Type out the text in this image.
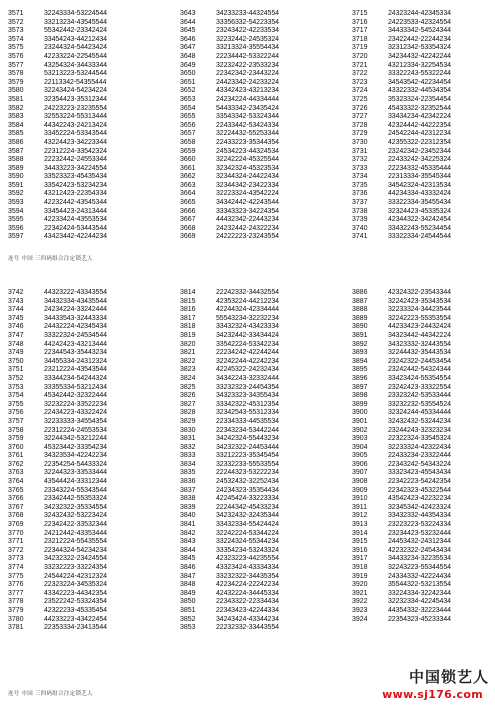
3571	32243334-53224544
3572	33213234-43545544
3573	55342442-23342424
3574	33454243-44212434
3575	23244324-54423424
3576	42233224-22545544
3577	43254324-34433344
3578	53213223-53244544
3579	22113342-54355444
3580	32243424-54234224
3581	32354423-35312344
3582	24223223-23235554
3583	32553224-55313444
3584	44342243-24213424
3585	33452224-53343544
3586	43224423-34223344
3587	22312224-33542324
3588	22232442-24553344
3589	34433223-34224554
3590	33523323-45435434
3591	33542423-53234234
3592	43212423-22354334
3593	42232442-43545344
3594	33454423-24313444
3595	42233424-43553534
3596	22342424-53443544
3597	43423442-42244234
3643	34233233-44324554
3644	33356332-54223354
3645	23243422-42233534
3646	32232442-24535324
3647	33213324-35554434
3648	22234442-53322244
3649	32232422-23533234
3650	22342342-23443224
3651	24423342-24233224
3652	43342423-43213234
3653	24234224-44334444
3654	54433342-23435424
3655	33543342-53324344
3656	22433442-53424334
3657	32224432-55253344
3658	22433223-35344354
3659	24534223-44324534
3660	32242224-45325544
3661	32342324-45323534
3662	32344324-24422434
3663	32344342-23422334
3664	32223324-43542224
3665	34342442-42243544
3666	33343323-34224354
3667	44432342-22443234
3668	24232442-24322234
3669	24222223-23243554
3715	24323244-42345334
3716	24223533-42324554
3717	34433342-54524344
3718	23422442-22244234
3719	32312342-53354324
3720	34234432-42242244
3721	43212334-32254534
3722	33322243-55322244
3723	34543542-42234454
3724	43322332-44534354
3725	35323324-22354454
3726	45433322-32352544
3727	33434234-42342224
3728	42324442-44222354
3729	24542244-42312234
3730	42355322-22312354
3731	23242342-23452344
3732	22433242-34225324
3733	22234332-45335444
3734	22313334-35545344
3735	34542324-42313534
3736	44234334-43332424
3737	33322334-35455434
3738	32324423-45335324
3739	42344322-34242454
3740	33432243-55234454
3741	33322334-24544544
连号 中国 三四码组合注定锁艺人
3742	44323222-43343554
3743	34432334-43435544
3744	24234224-33242444
3745	34433543-32443334
3746	24432224-42345434
3747	33322324-24534544
3748	44242423-43213444
3749	22344543-35443234
3750	34455334-24312324
3751	23212224-43543544
3752	33344234-54244324
3753	33355334-53212434
3754	45342442-32322444
3755	32232224-33522234
3756	22434223-43322424
3757	32233333-34554354
3758	22312224-24553534
3759	32244342-53212244
3760	45323442-33354234
3761	34323534-42242234
3762	22354254-54433324
3763	32244323-33533444
3764	43544424-33312344
3765	23343224-55343544
3766	23342442-55353324
3767	34232322-35334554
3768	32432432-53223424
3769	22342422-33532344
3770	24212442-43353444
3771	23212224-55435554
3772	22344324-54234234
3773	34232322-23424554
3774	33232223-33224354
3775	24544224-42312324
3776	22323224-34535324
3777	43342223-44342354
3778	23522242-53324354
3779	42322233-45335454
3780	44233223-43422454
3781	22353334-23413544
3814	22242332-34432554
3815	42353224-44212234
3816	42244324-42334444
3817	55543234-32232234
3818	33432324-43423334
3819	34232442-33434424
3820	33542224-53342234
3821	22234242-42244244
3822	32242244-42242234
3823	42245322-24232434
3824	34342243-32332444
3825	33232323-24454354
3826	34323323-34355434
3827	33342322-45312354
3828	32342543-55312334
3829	22334333-44535534
3830	22343234-53442244
3831	34242324-55443234
3832	34232322-24453444
3833	33212223-35345454
3834	32332233-55533554
3835	22244323-53222234
3836	24532432-32252434
3837	24234323-35354434
3838	42245424-33223334
3839	22244342-45433234
3840	34232432-32435344
3841	33432334-55424424
3842	32242224-53344224
3843	33224324-55344234
3844	33354234-53243324
3845	42323223-44235554
3846	43323424-43334334
3847	33232322-34435354
3848	42234224-22242234
3849	42432224-34445334
3850	22343322-22334434
3851	22343423-42244334
3852	34243424-43344234
3853	22232332-33443554
3886	42324322-23543344
3887	32242423-35343534
3888	32233324-34423544
3889	32242223-55353554
3890	44233423-24432424
3891	34323442-44342224
3892	34323332-32443554
3893	32244432-35443534
3894	23242322-24453454
3895	23242442-54324344
3896	33423424-55354554
3897	23242423-33322554
3898	23323242-53533444
3899	33232232-53554524
3900	32324244-45334444
3901	32432432-53244234
3902	23244243-32323234
3903	22322324-33545324
3904	32233324-42322434
3905	22433234-23322444
3906	22343242-54343224
3907	33323423-45543434
3908	22342223-54242354
3909	22342323-45322544
3910	43542423-42232234
3911	32345342-42423324
3912	33432332-44354334
3913	23223223-53224334
3914	23234423-53232444
3915	24453432-24312344
3916	42232322-24543434
3917	34433234-32235534
3918	32243223-55344554
3919	24334332-42224434
3920	35544322-53213554
3921	33224334-32242344
3922	32232334-42245434
3923	44354332-32223444
3924	22354323-45233344
连号 中国 三四码组合注定锁艺人
中国锁艺人
www.sj176.com
